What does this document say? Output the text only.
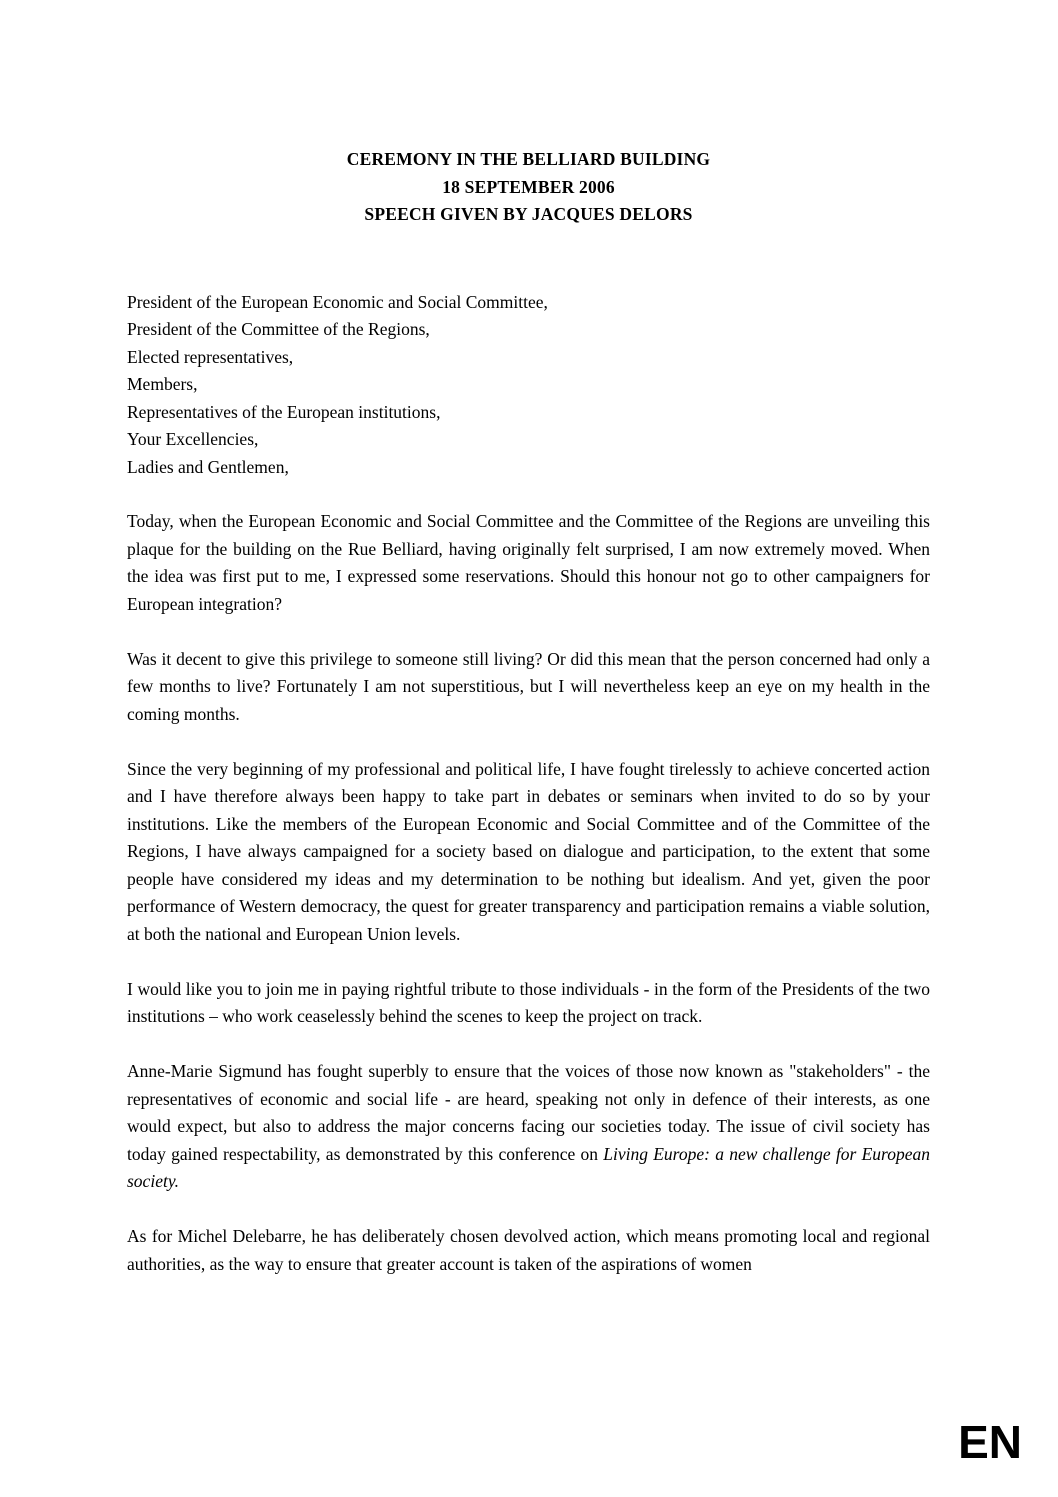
CEREMONY IN THE BELLIARD BUILDING
18 SEPTEMBER 2006
SPEECH GIVEN BY JACQUES DELORS
President of the European Economic and Social Committee,
President of the Committee of the Regions,
Elected representatives,
Members,
Representatives of the European institutions,
Your Excellencies,
Ladies and Gentlemen,

Today, when the European Economic and Social Committee and the Committee of the Regions are unveiling this plaque for the building on the Rue Belliard, having originally felt surprised, I am now extremely moved. When the idea was first put to me, I expressed some reservations. Should this honour not go to other campaigners for European integration?

Was it decent to give this privilege to someone still living? Or did this mean that the person concerned had only a few months to live? Fortunately I am not superstitious, but I will nevertheless keep an eye on my health in the coming months.

Since the very beginning of my professional and political life, I have fought tirelessly to achieve concerted action and I have therefore always been happy to take part in debates or seminars when invited to do so by your institutions. Like the members of the European Economic and Social Committee and of the Committee of the Regions, I have always campaigned for a society based on dialogue and participation, to the extent that some people have considered my ideas and my determination to be nothing but idealism. And yet, given the poor performance of Western democracy, the quest for greater transparency and participation remains a viable solution, at both the national and European Union levels.

I would like you to join me in paying rightful tribute to those individuals - in the form of the Presidents of the two institutions – who work ceaselessly behind the scenes to keep the project on track.

Anne-Marie Sigmund has fought superbly to ensure that the voices of those now known as "stakeholders" - the representatives of economic and social life - are heard, speaking not only in defence of their interests, as one would expect, but also to address the major concerns facing our societies today. The issue of civil society has today gained respectability, as demonstrated by this conference on Living Europe: a new challenge for European society.

As for Michel Delebarre, he has deliberately chosen devolved action, which means promoting local and regional authorities, as the way to ensure that greater account is taken of the aspirations of women

EN
